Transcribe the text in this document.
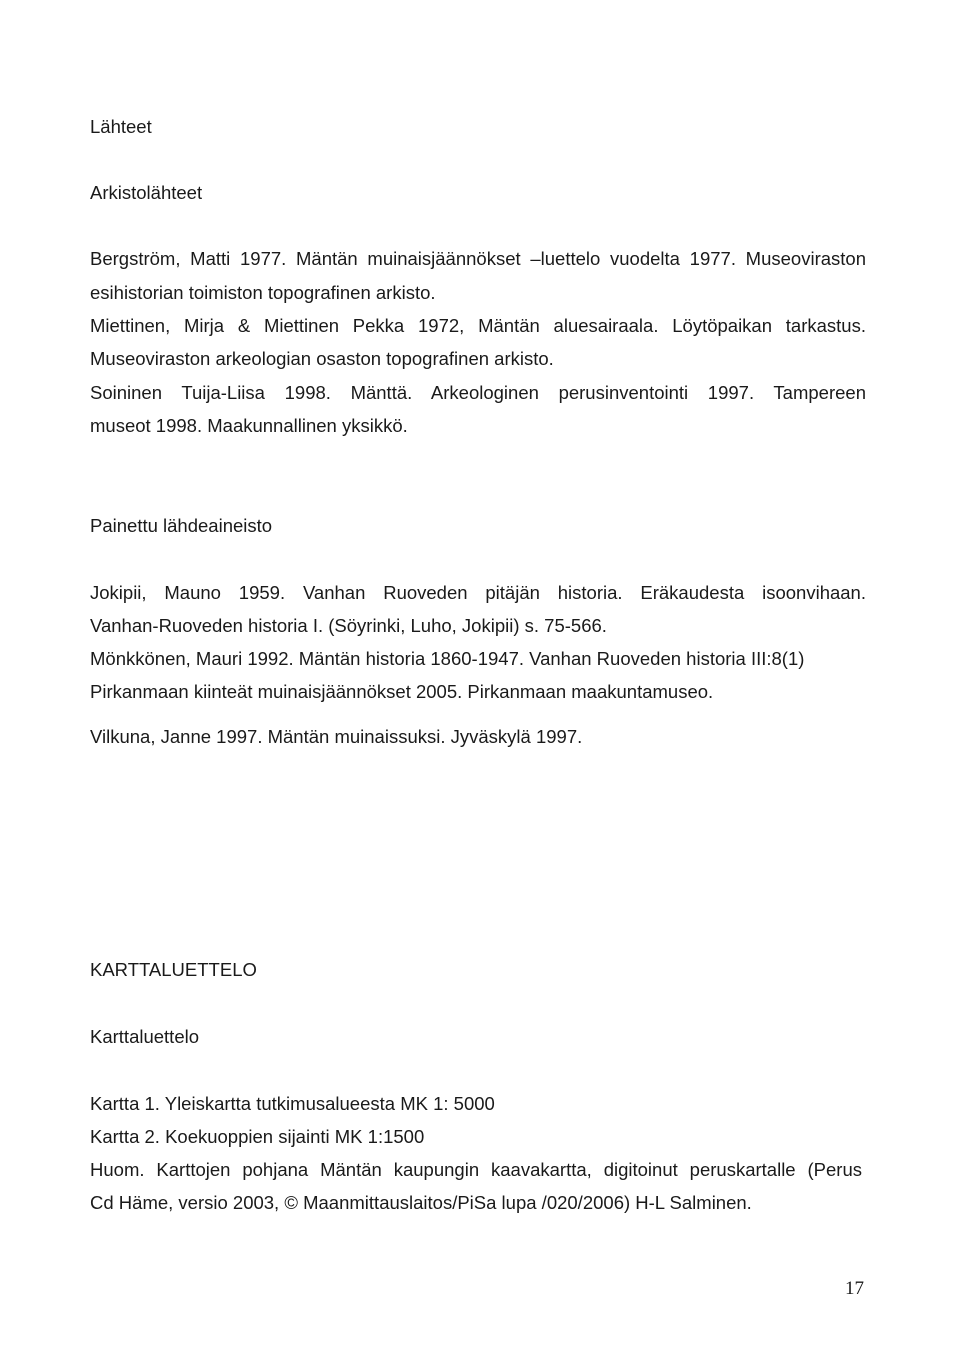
Lähteet
Arkistolähteet
Bergström, Matti 1977. Mäntän muinaisjäännökset –luettelo vuodelta 1977. Museoviraston
esihistorian toimiston topografinen arkisto.
Miettinen, Mirja & Miettinen Pekka 1972, Mäntän aluesairaala. Löytöpaikan tarkastus.
Museoviraston arkeologian osaston topografinen arkisto.
Soininen Tuija-Liisa 1998. Mänttä. Arkeologinen perusinventointi 1997. Tampereen
museot 1998. Maakunnallinen yksikkö.
Painettu lähdeaineisto
Jokipii, Mauno 1959. Vanhan Ruoveden pitäjän historia. Eräkaudesta isoonvihaan.
Vanhan-Ruoveden historia I. (Söyrinki, Luho, Jokipii) s. 75-566.
Mönkkönen, Mauri 1992. Mäntän historia 1860-1947. Vanhan Ruoveden historia III:8(1)
Pirkanmaan kiinteät muinaisjäännökset 2005. Pirkanmaan maakuntamuseo.
Vilkuna, Janne 1997. Mäntän muinaissuksi. Jyväskylä 1997.
KARTTALUETTELO
Karttaluettelo
Kartta 1. Yleiskartta tutkimusalueesta MK 1: 5000
Kartta 2. Koekuoppien sijainti MK 1:1500
Huom. Karttojen pohjana Mäntän kaupungin kaavakartta, digitoinut peruskartalle (Perus
Cd Häme, versio 2003, © Maanmittauslaitos/PiSa lupa /020/2006) H-L Salminen.
17
